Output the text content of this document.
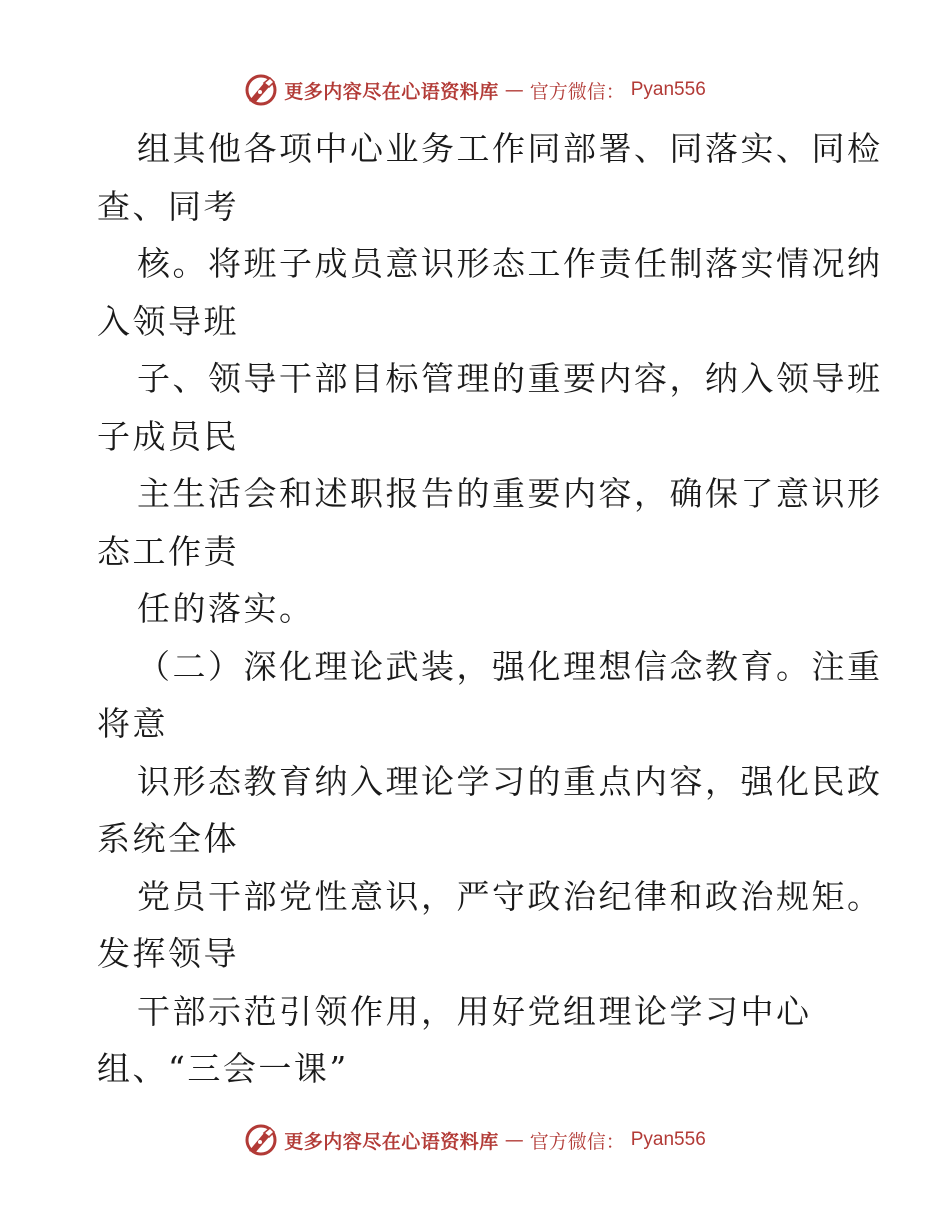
更多内容尽在心语资料库 — 官方微信： Pyan556
组其他各项中心业务工作同部署、同落实、同检
查、同考
核。将班子成员意识形态工作责任制落实情况纳
入领导班
子、领导干部目标管理的重要内容，纳入领导班
子成员民
主生活会和述职报告的重要内容，确保了意识形
态工作责
任的落实。
（二）深化理论武装，强化理想信念教育。注重
将意
识形态教育纳入理论学习的重点内容，强化民政
系统全体
党员干部党性意识，严守政治纪律和政治规矩。
发挥领导
干部示范引领作用，用好党组理论学习中心
组、“三会一课”
更多内容尽在心语资料库 — 官方微信： Pyan556
